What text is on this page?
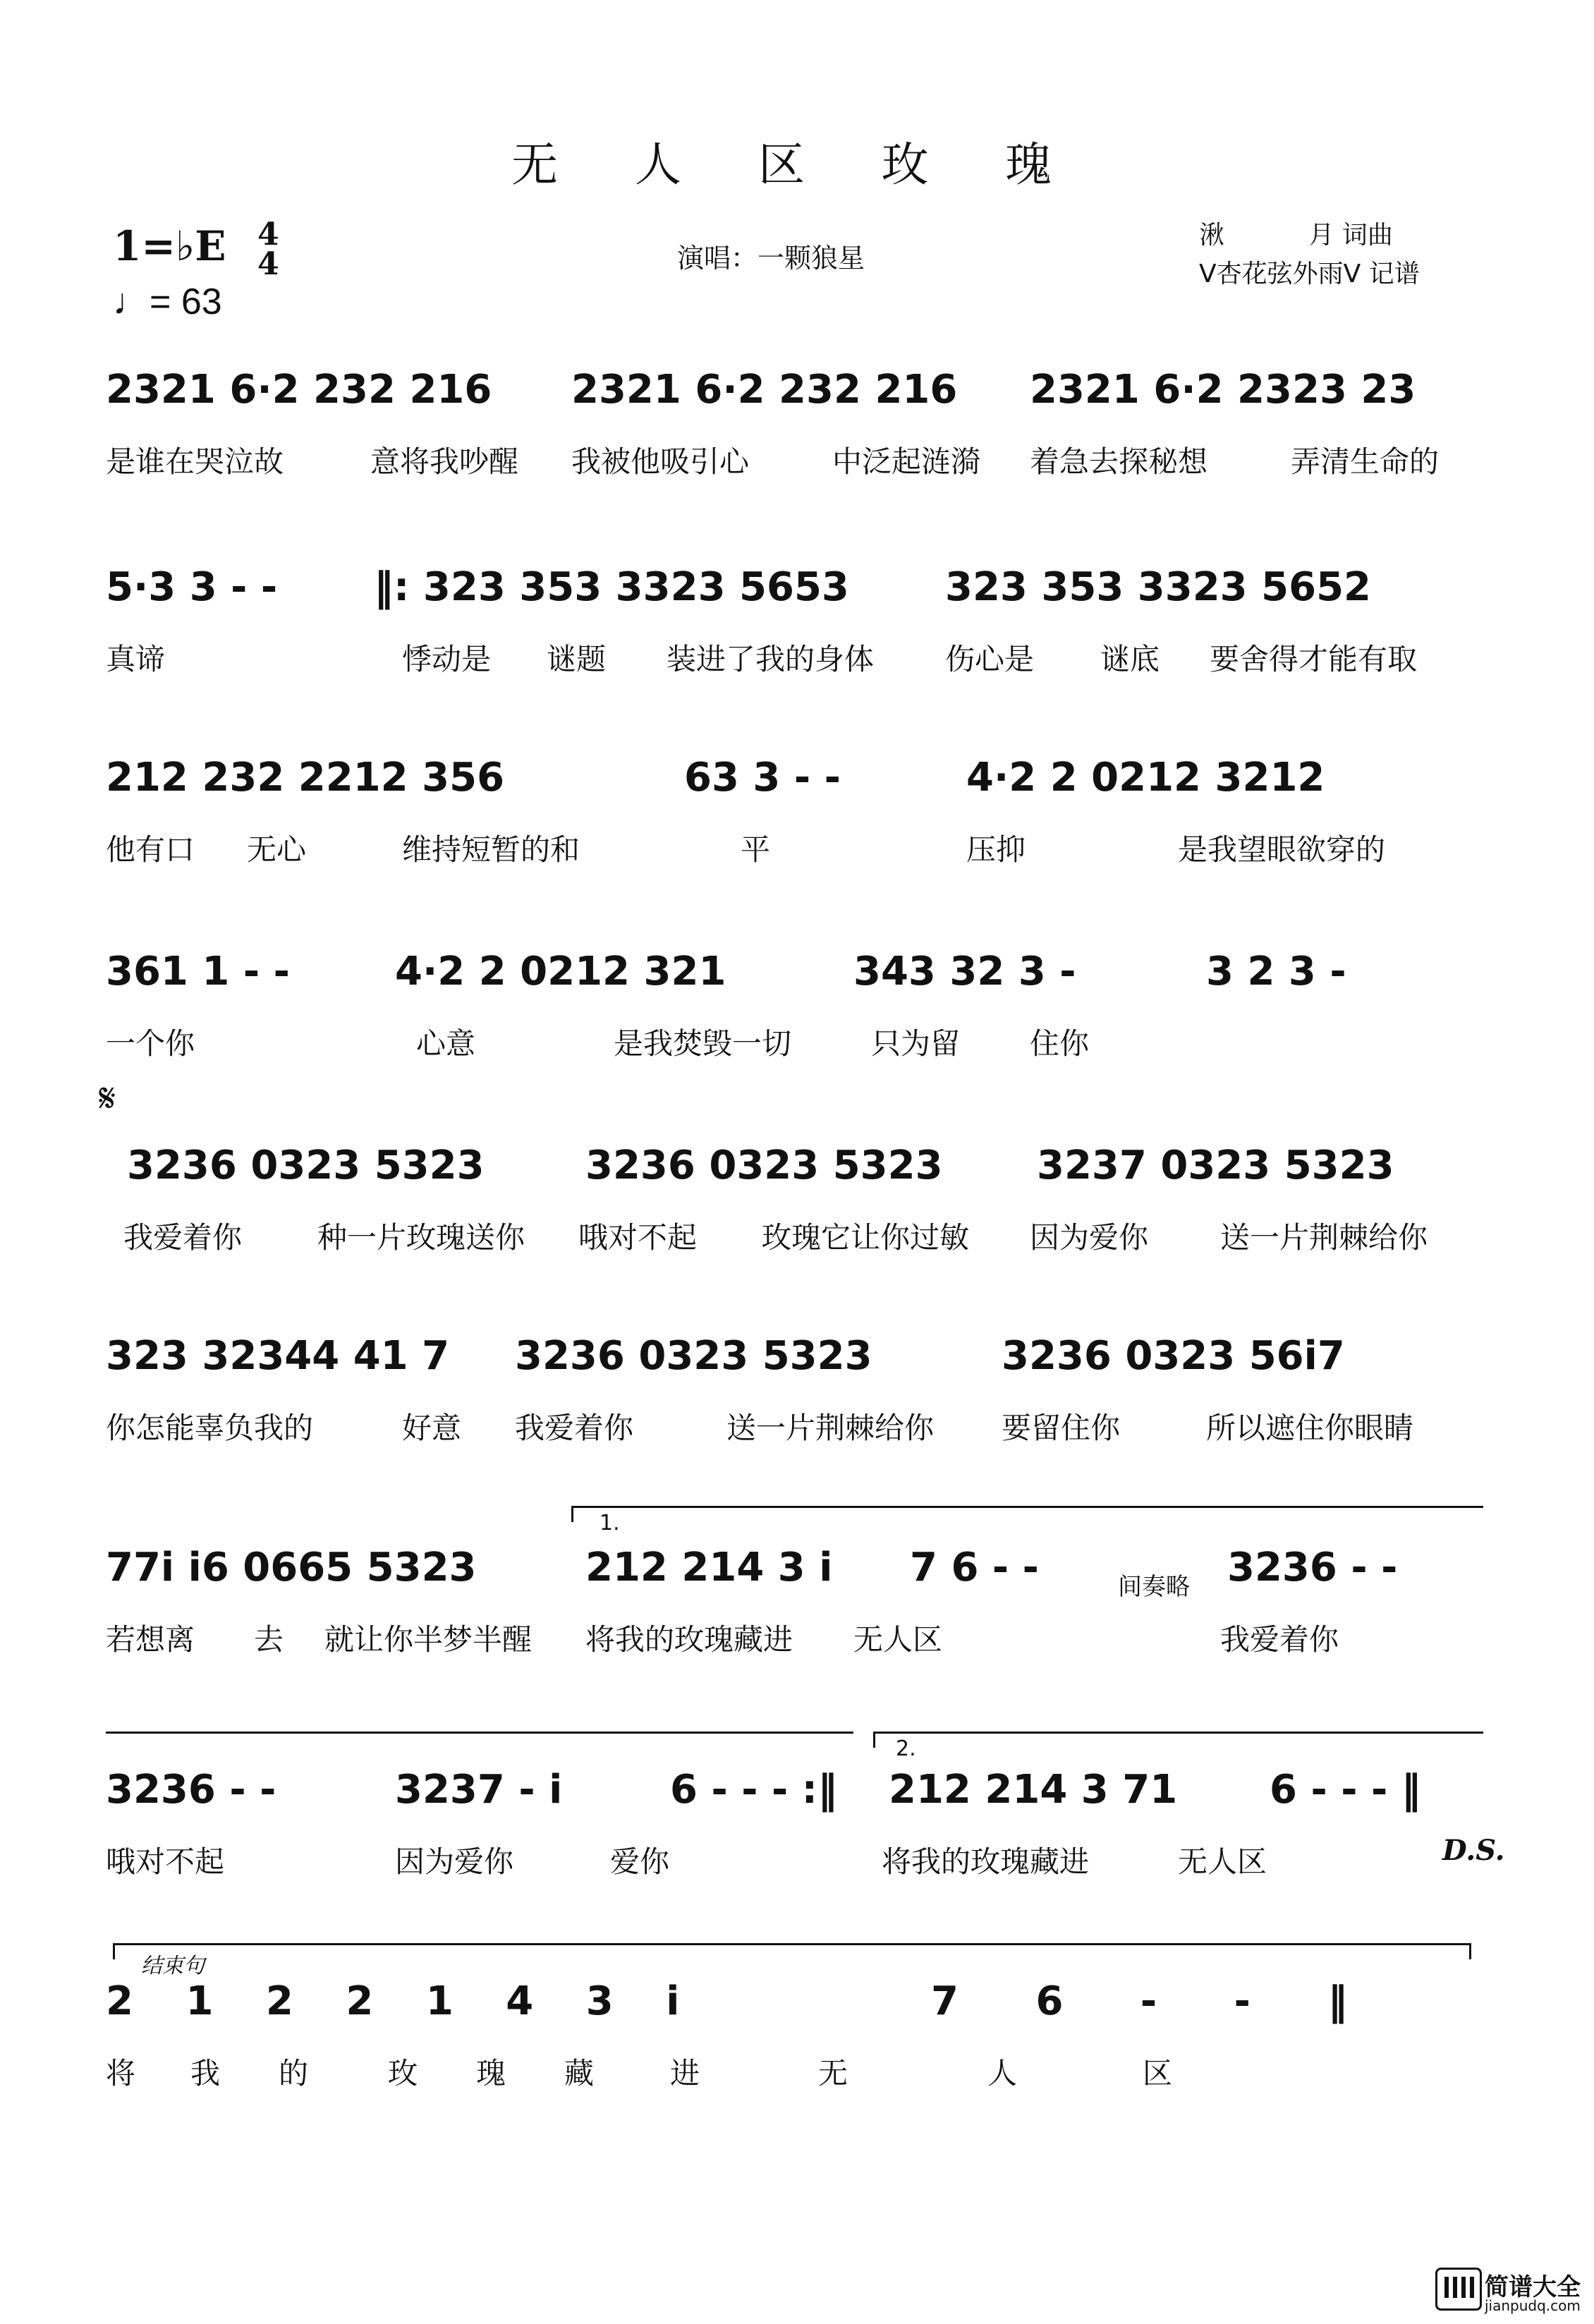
无 人 区 玫 瑰
1=♭E 4
4
♩= 63
演唱：一颗狼星
湫 　　　月 词曲
V杏花弦外雨V 记谱
𝄋
1.
2.
间奏略
结束句
D.S.
2321 6·2 232 216 2321 6·2 232 216 2321 6·2 2323 23
是谁在哭泣故	意将我吵醒 我被他吸引心	中泛起涟漪 着急去探秘想	弄清生命的
5·3 3 - - ‖: 323 353 3323 5653 323 353 3323 5652
真谛	悸动是 谜题 装进了我的身体 伤心是 谜底 要舍得才能有取
212 232 2212 356	63 3 - -	4·2 2 0212 3212
他有口 无心	维持短暂的和	平	压抑	是我望眼欲穿的
361 1 - -	4·2 2 0212 321	343 32 3 -	3 2 3 -
一个你	心意	是我焚毁一切	只为留 住你
3236 0323 5323	3236 0323 5323 3237 0323 5323
我爱着你	种一片玫瑰送你 哦对不起 玫瑰它让你过敏 因为爱你 送一片荆棘给你
323 32344 41 7 3236 0323 5323	3236 0323 56i7
你怎能辜负我的	好意 我爱着你	送一片荆棘给你 要留住你	所以遮住你眼睛
77i i6 0665 5323	212 214 3 i 7 6 - -	3236 - -
若想离 去 就让你半梦半醒 将我的玫瑰藏进 无人区	我爱着你
3236 - -	3237 - i	6 - - - :‖ 212 214 3 71 6 - - - ‖
哦对不起	因为爱你	爱你	将我的玫瑰藏进	无人区
2 1 2 2 1 4 3 i	7 6 - - ‖
将 我 的	玫 瑰 藏	进	无	人	区
简谱大全
jianpudq.com
